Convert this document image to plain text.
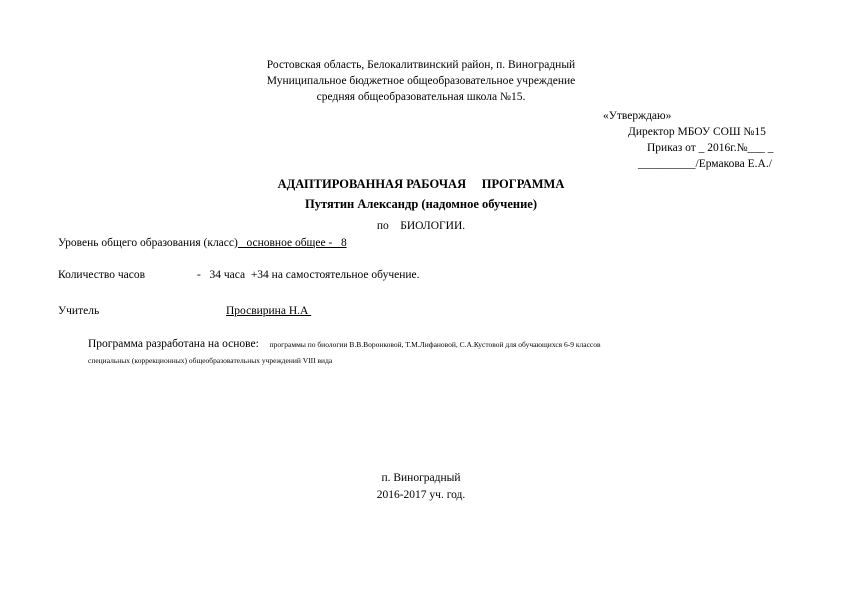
Ростовская область, Белокалитвинский район, п. Виноградный
Муниципальное бюджетное общеобразовательное учреждение
средняя общеобразовательная школа №15.
«Утверждаю»
Директор МБОУ СОШ №15
Приказ от _ 2016г.№___ _
__________/Ермакова Е.А./
АДАПТИРОВАННАЯ РАБОЧАЯ     ПРОГРАММА
Путятин Александр (надомное обучение)
по БИОЛОГИИ.
Уровень общего образования (класс)   основное общее -   8
Количество часов	-   34 часа  +34 на самостоятельное обучение.
Учитель	Просвирина Н.А
Программа разработана на основе: программы по биологии В.В.Воронковой, Т.М.Лифановой, С.А.Кустовой для обучающихся 6-9 классов
специальных (коррекционных) общеобразовательных учреждений VIII вида
п. Виноградный
2016-2017 уч. год.
